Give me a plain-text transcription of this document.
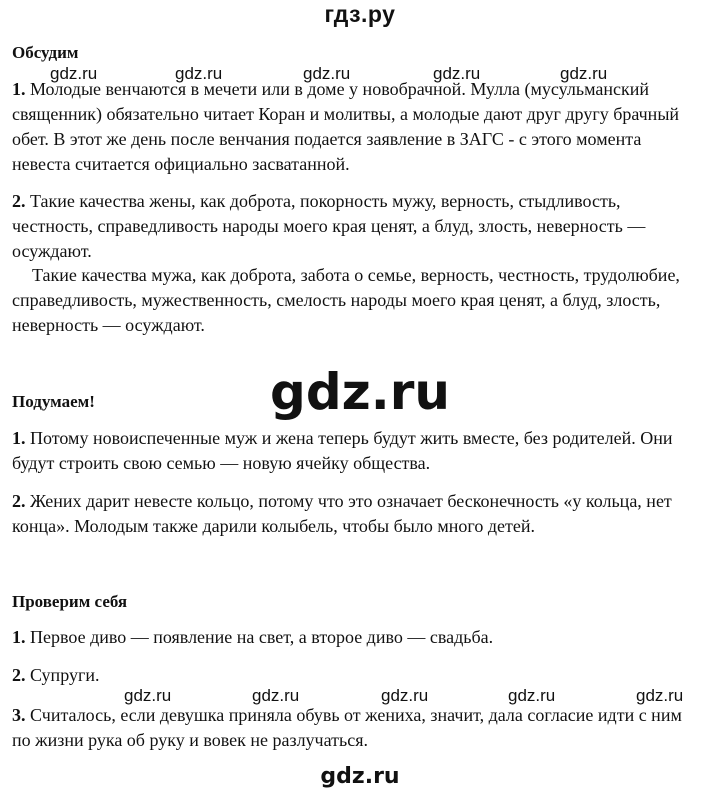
гдз.ру
Обсудим
1. Молодые венчаются в мечети или в доме у новобрачной. Мулла (мусульманский священник) обязательно читает Коран и молитвы, а молодые дают друг другу брачный обет. В этот же день после венчания подается заявление в ЗАГС - с этого момента невеста считается официально засватанной.
2. Такие качества жены, как доброта, покорность мужу, верность, стыдливость, честность, справедливость народы моего края ценят, а блуд, злость, неверность — осуждают.
Такие качества мужа, как доброта, забота о семье, верность, честность, трудолюбие, справедливость, мужественность, смелость народы моего края ценят, а блуд, злость, неверность — осуждают.
Подумаем!
1. Потому новоиспеченные муж и жена теперь будут жить вместе, без родителей. Они будут строить свою семью — новую ячейку общества.
2. Жених дарит невесте кольцо, потому что это означает бесконечность «у кольца, нет конца». Молодым также дарили колыбель, чтобы было много детей.
Проверим себя
1. Первое диво — появление на свет, а второе диво — свадьба.
2. Супруги.
3. Считалось, если девушка приняла обувь от жениха, значит, дала согласие идти с ним по жизни рука об руку и вовек не разлучаться.
gdz.ru	gdz.ru	gdz.ru	gdz.ru	gdz.ru
gdz.ru
gdz.ru	gdz.ru	gdz.ru	gdz.ru	gdz.ru
gdz.ru
